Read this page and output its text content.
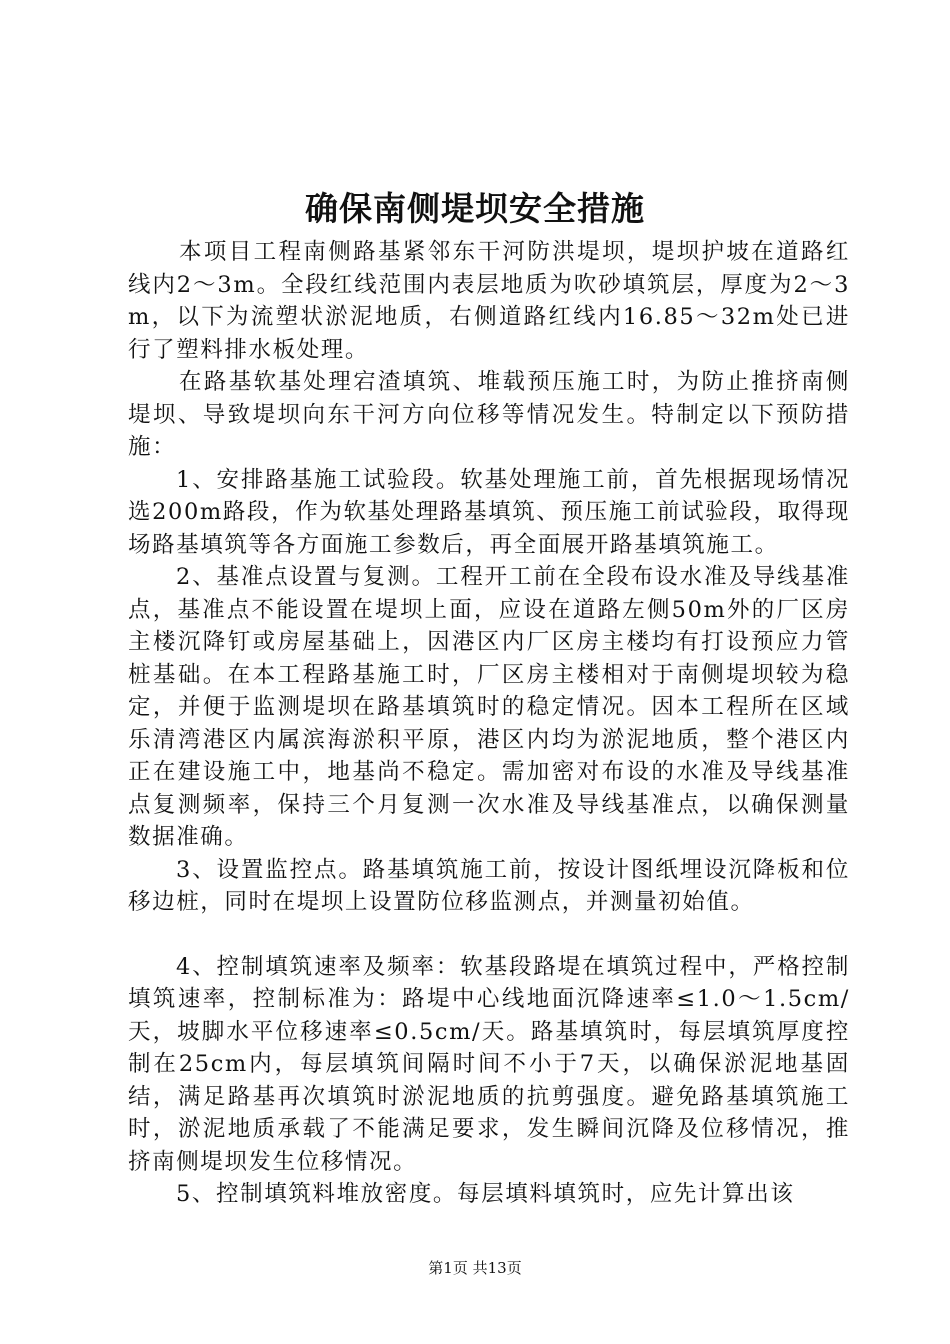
确保南侧堤坝安全措施

本项目工程南侧路基紧邻东干河防洪堤坝，堤坝护坡在道路红线内2～3m。全段红线范围内表层地质为吹砂填筑层，厚度为2～3m，以下为流塑状淤泥地质，右侧道路红线内16.85～32m处已进行了塑料排水板处理。

在路基软基处理宕渣填筑、堆载预压施工时，为防止推挤南侧堤坝、导致堤坝向东干河方向位移等情况发生。特制定以下预防措施：

1、安排路基施工试验段。软基处理施工前，首先根据现场情况选200m路段，作为软基处理路基填筑、预压施工前试验段，取得现场路基填筑等各方面施工参数后，再全面展开路基填筑施工。

2、基准点设置与复测。工程开工前在全段布设水准及导线基准点，基准点不能设置在堤坝上面，应设在道路左侧50m外的厂区房主楼沉降钉或房屋基础上，因港区内厂区房主楼均有打设预应力管桩基础。在本工程路基施工时，厂区房主楼相对于南侧堤坝较为稳定，并便于监测堤坝在路基填筑时的稳定情况。因本工程所在区域乐清湾港区内属滨海淤积平原，港区内均为淤泥地质，整个港区内正在建设施工中，地基尚不稳定。需加密对布设的水准及导线基准点复测频率，保持三个月复测一次水准及导线基准点，以确保测量数据准确。

3、设置监控点。路基填筑施工前，按设计图纸埋设沉降板和位移边桩，同时在堤坝上设置防位移监测点，并测量初始值。

4、控制填筑速率及频率：软基段路堤在填筑过程中，严格控制填筑速率，控制标准为：路堤中心线地面沉降速率≤1.0～1.5cm/天，坡脚水平位移速率≤0.5cm/天。路基填筑时，每层填筑厚度控制在25cm内，每层填筑间隔时间不小于7天，以确保淤泥地基固结，满足路基再次填筑时淤泥地质的抗剪强度。避免路基填筑施工时，淤泥地质承载了不能满足要求，发生瞬间沉降及位移情况，推挤南侧堤坝发生位移情况。

5、控制填筑料堆放密度。每层填料填筑时，应先计算出该

第1页 共13页
